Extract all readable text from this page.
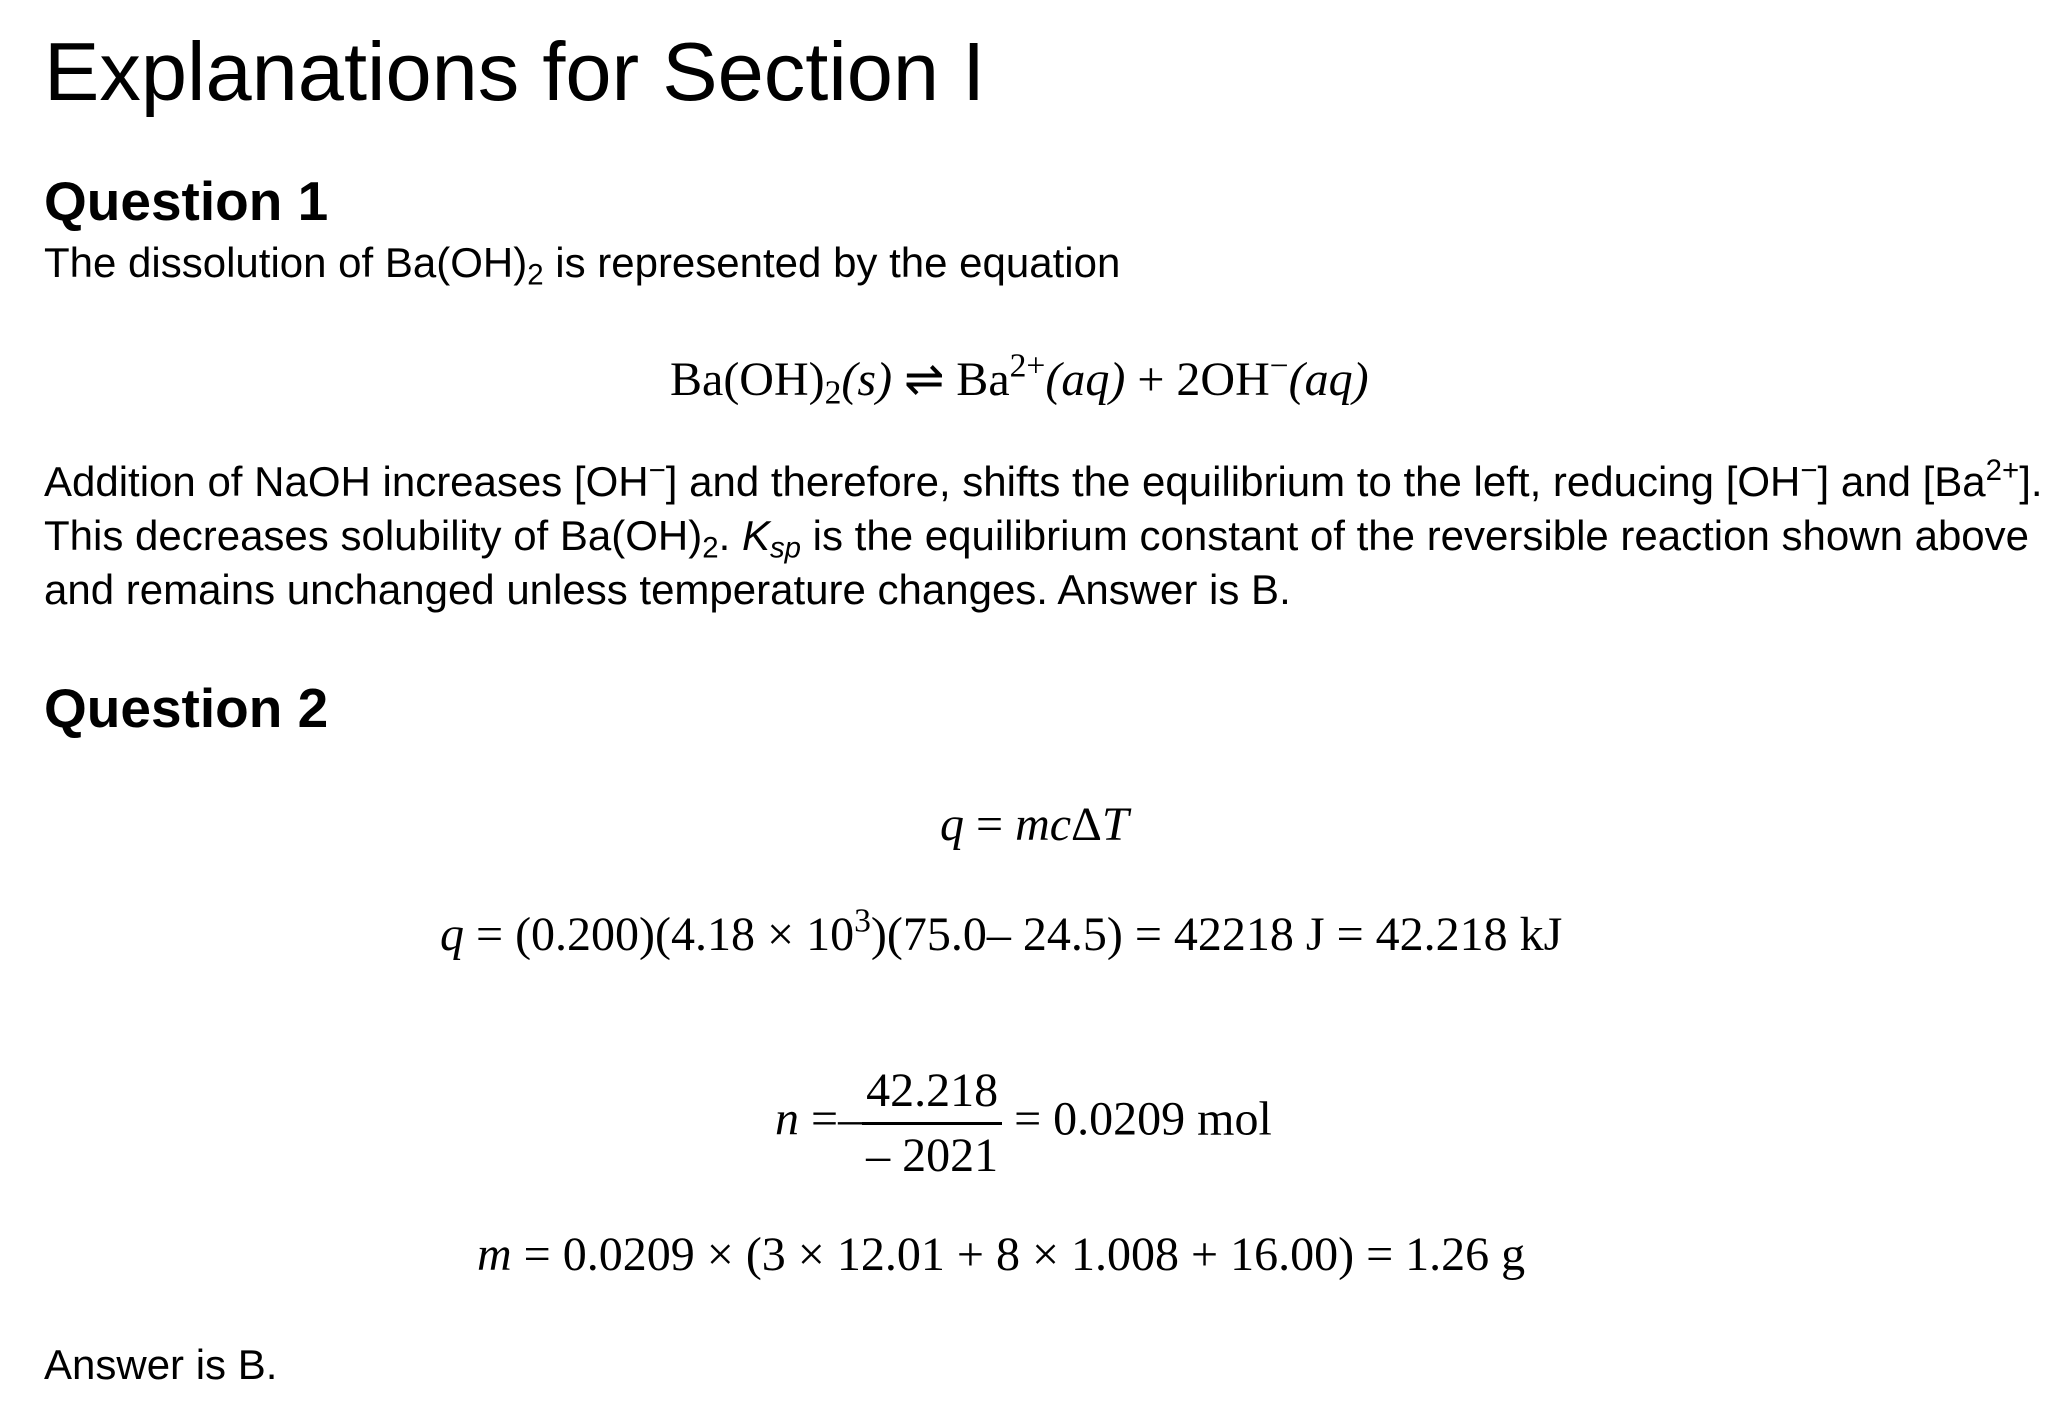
Explanations for Section I
Question 1
The dissolution of $Ba(OH)_2$ is represented by the equation
$Ba(OH)_2(s)$ ⇌ $Ba^{2+}(aq) + 2OH^-(aq)$
Addition of NaOH increases [OH−] and therefore, shifts the equilibrium to the left, reducing [OH−] and $[Ba^{2+}]$. This decreases solubility of $Ba(OH)_2$. $K_{sp}$ is the equilibrium constant of the reversible reaction shown above and remains unchanged unless temperature changes. Answer is B.
Question 2
q = mcΔT
$q = (0.200)(4.18 \times 10^3)(75.0-$ 24.5) = 42218 J = 42.218 kJ
$n =- \frac{42.218}{- 2021} = 0.0209$ mol
m = 0.0209 × (3 × 12.01 + 8 × 1.008 + 16.00) = 1.26 g
Answer is B.
